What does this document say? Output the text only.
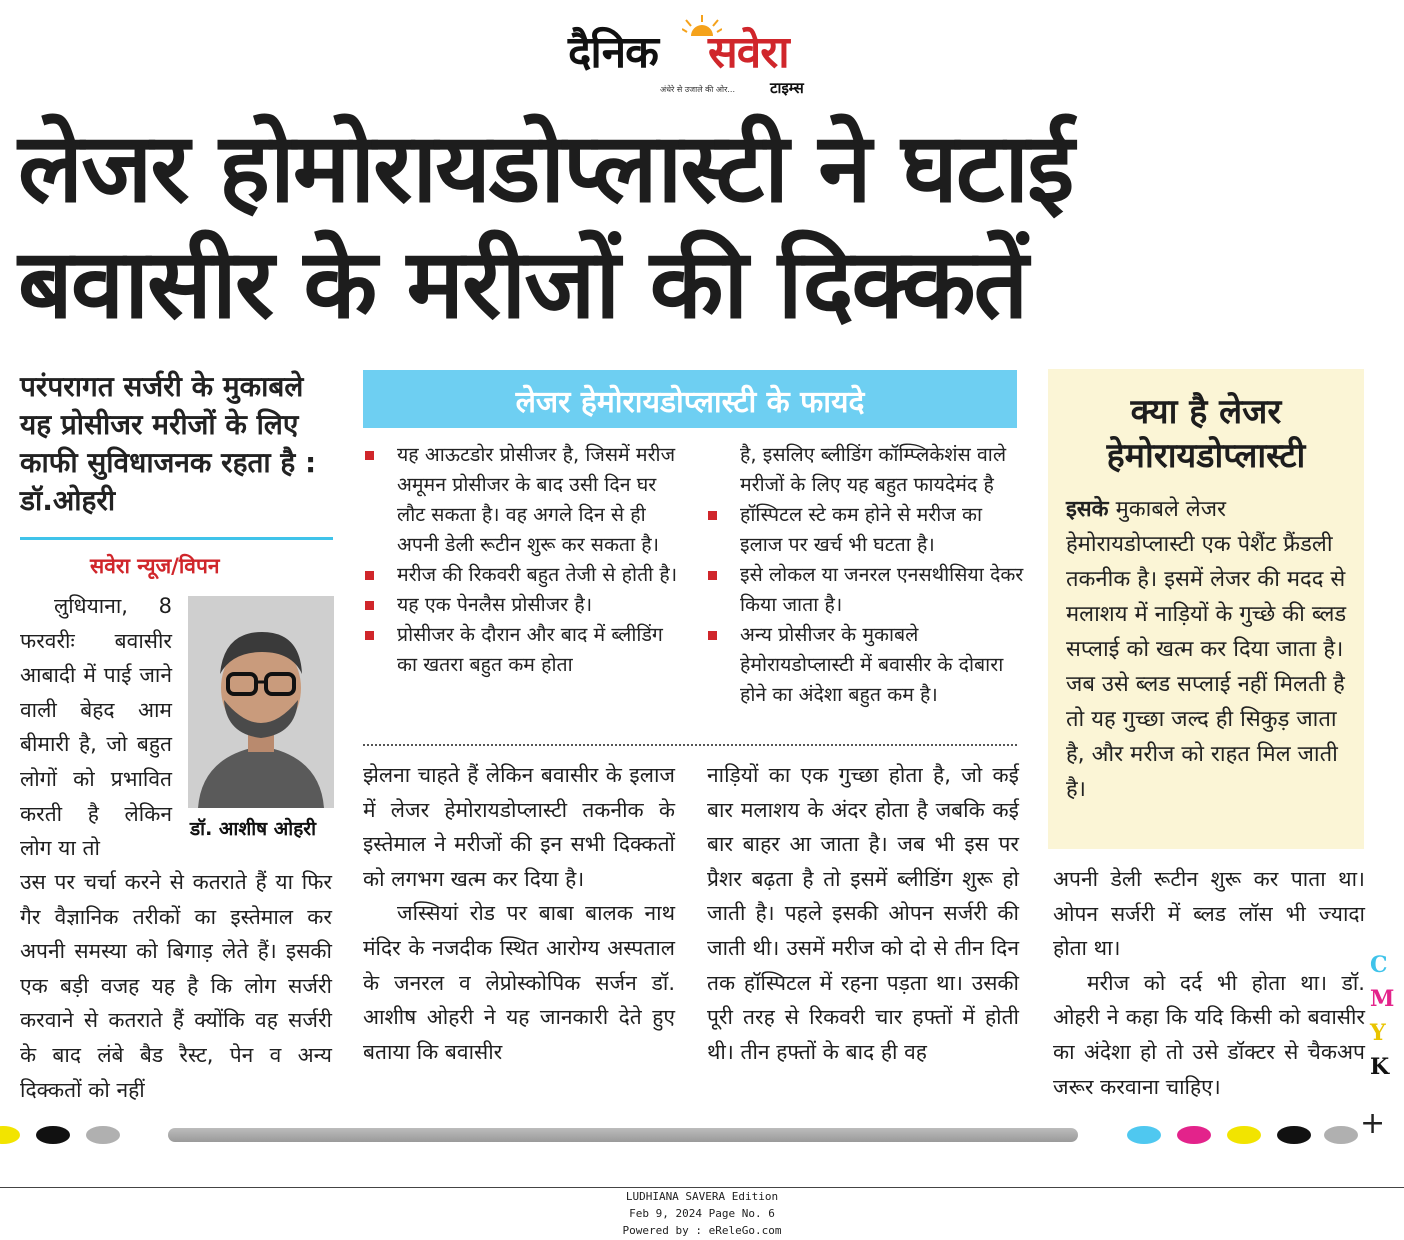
दैनिक सवेरा
अंधेरे से उजाले की ओर... टाइम्स
लेजर होमोरायडोप्लास्टी ने घटाई
बवासीर के मरीजों की दिक्कतें
परंपरागत सर्जरी के मुकाबले यह प्रोसीजर मरीजों के लिए काफी सुविधाजनक रहता है : डॉ.ओहरी
सवेरा न्यूज/विपन
डॉ. आशीष ओहरी
लुधियाना, 8 फरवरीः बवासीर आबादी में पाई जाने वाली बेहद आम बीमारी है, जो बहुत लोगों को प्रभावित करती है लेकिन लोग या तो
उस पर चर्चा करने से कतराते हैं या फिर गैर वैज्ञानिक तरीकों का इस्तेमाल कर अपनी समस्या को बिगाड़ लेते हैं। इसकी एक बड़ी वजह यह है कि लोग सर्जरी करवाने से कतराते हैं क्योंकि वह सर्जरी के बाद लंबे बैड रैस्ट, पेन व अन्य दिक्कतों को नहीं
लेजर हेमोरायडोप्लास्टी के फायदे
यह आऊटडोर प्रोसीजर है, जिसमें मरीज अमूमन प्रोसीजर के बाद उसी दिन घर लौट सकता है। वह अगले दिन से ही अपनी डेली रूटीन शुरू कर सकता है।
मरीज की रिकवरी बहुत तेजी से होती है।
यह एक पेनलैस प्रोसीजर है।
प्रोसीजर के दौरान और बाद में ब्लीडिंग का खतरा बहुत कम होता
है, इसलिए ब्लीडिंग कॉम्प्लिकेशंस वाले मरीजों के लिए यह बहुत फायदेमंद है
हॉस्पिटल स्टे कम होने से मरीज का इलाज पर खर्च भी घटता है।
इसे लोकल या जनरल एनसथीसिया देकर किया जाता है।
अन्य प्रोसीजर के मुकाबले हेमोरायडोप्लास्टी में बवासीर के दोबारा होने का अंदेशा बहुत कम है।
झेलना चाहते हैं लेकिन बवासीर के इलाज में लेजर हेमोरायडोप्लास्टी तकनीक के इस्तेमाल ने मरीजों की इन सभी दिक्कतों को लगभग खत्म कर दिया है।
जस्सियां रोड पर बाबा बालक नाथ मंदिर के नजदीक स्थित आरोग्य अस्पताल के जनरल व लेप्रोस्कोपिक सर्जन डॉ. आशीष ओहरी ने यह जानकारी देते हुए बताया कि बवासीर
नाड़ियों का एक गुच्छा होता है, जो कई बार मलाशय के अंदर होता है जबकि कई बार बाहर आ जाता है। जब भी इस पर प्रैशर बढ़ता है तो इसमें ब्लीडिंग शुरू हो जाती है। पहले इसकी ओपन सर्जरी की जाती थी। उसमें मरीज को दो से तीन दिन तक हॉस्पिटल में रहना पड़ता था। उसकी पूरी तरह से रिकवरी चार हफ्तों में होती थी। तीन हफ्तों के बाद ही वह
क्या है लेजर हेमोरायडोप्लास्टी
इसके मुकाबले लेजर हेमोरायडोप्लास्टी एक पेशैंट फ्रैंडली तकनीक है। इसमें लेजर की मदद से मलाशय में नाड़ियों के गुच्छे की ब्लड सप्लाई को खत्म कर दिया जाता है। जब उसे ब्लड सप्लाई नहीं मिलती है तो यह गुच्छा जल्द ही सिकुड़ जाता है, और मरीज को राहत मिल जाती है।
अपनी डेली रूटीन शुरू कर पाता था। ओपन सर्जरी में ब्लड लॉस भी ज्यादा होता था।
मरीज को दर्द भी होता था। डॉ. ओहरी ने कहा कि यदि किसी को बवासीर का अंदेशा हो तो उसे डॉक्टर से चैकअप जरूर करवाना चाहिए।
C
M
Y
K
+
LUDHIANA SAVERA Edition
Feb 9, 2024 Page No. 6
Powered by : eReleGo.com
